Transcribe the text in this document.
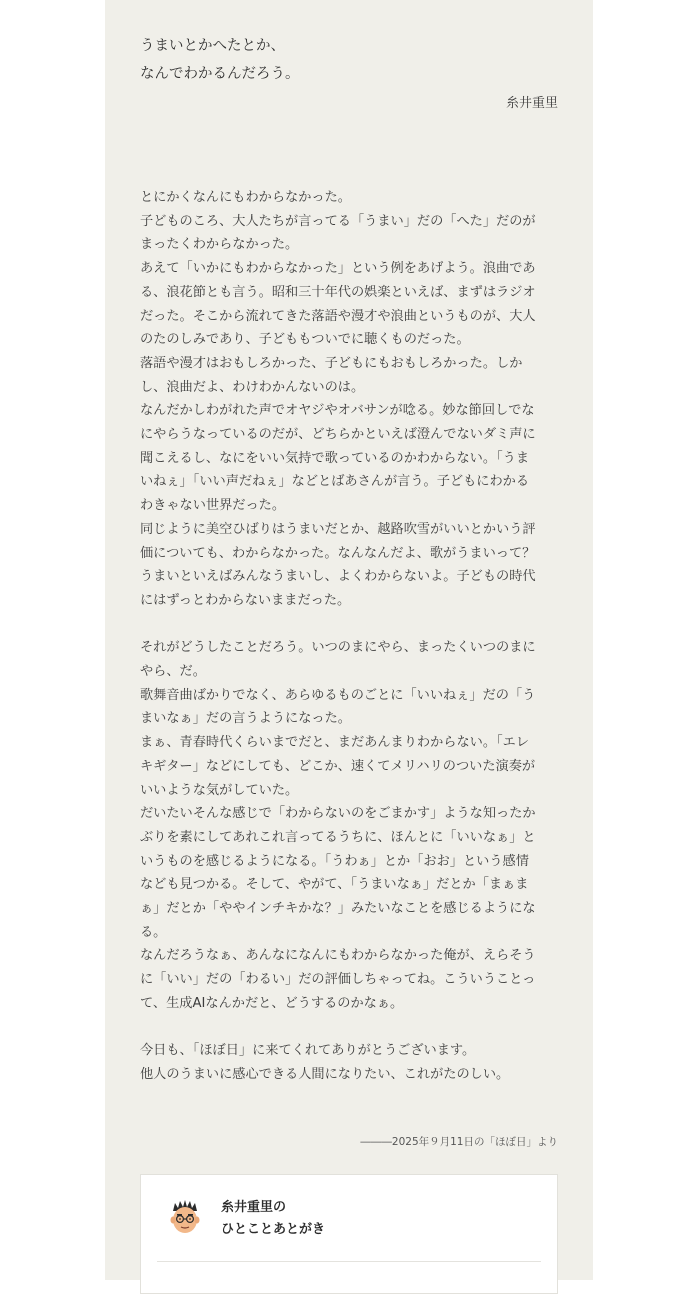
うまいとかへたとか、
なんでわかるんだろう。
糸井重里

とにかくなんにもわからなかった。

子どものころ、大人たちが言ってる「うまい」だの「へた」だのが

まったくわからなかった。

あえて「いかにもわからなかった」という例をあげよう。浪曲であ

る、浪花節とも言う。昭和三十年代の娯楽といえば、まずはラジオ

だった。そこから流れてきた落語や漫才や浪曲というものが、大人

のたのしみであり、子どももついでに聴くものだった。

落語や漫才はおもしろかった、子どもにもおもしろかった。しか

し、浪曲だよ、わけわかんないのは。

なんだかしわがれた声でオヤジやオバサンが唸る。妙な節回しでな

にやらうなっているのだが、どちらかといえば澄んでないダミ声に

聞こえるし、なにをいい気持で歌っているのかわからない。「うま

いねぇ」「いい声だねぇ」などとばあさんが言う。子どもにわかる

わきゃない世界だった。

同じように美空ひばりはうまいだとか、越路吹雪がいいとかいう評

価についても、わからなかった。なんなんだよ、歌がうまいって？

うまいといえばみんなうまいし、よくわからないよ。子どもの時代

にはずっとわからないままだった。

それがどうしたことだろう。いつのまにやら、まったくいつのまに

やら、だ。

歌舞音曲ばかりでなく、あらゆるものごとに「いいねぇ」だの「う

まいなぁ」だの言うようになった。

まぁ、青春時代くらいまでだと、まだあんまりわからない。「エレ

キギター」などにしても、どこか、速くてメリハリのついた演奏が

いいような気がしていた。

だいたいそんな感じで「わからないのをごまかす」ような知ったか

ぶりを素にしてあれこれ言ってるうちに、ほんとに「いいなぁ」と

いうものを感じるようになる。「うわぁ」とか「おお」という感情

なども見つかる。そして、やがて、「うまいなぁ」だとか「まぁま

ぁ」だとか「ややインチキかな？」みたいなことを感じるようにな

る。

なんだろうなぁ、あんなになんにもわからなかった俺が、えらそう

に「いい」だの「わるい」だの評価しちゃってね。こういうことっ

て、生成AIなんかだと、どうするのかなぁ。

今日も、「ほぼ日」に来てくれてありがとうございます。

他人のうまいに感心できる人間になりたい、これがたのしい。

―――2025年９月11日の「ほぼ日」より
糸井重里の
ひとことあとがき
